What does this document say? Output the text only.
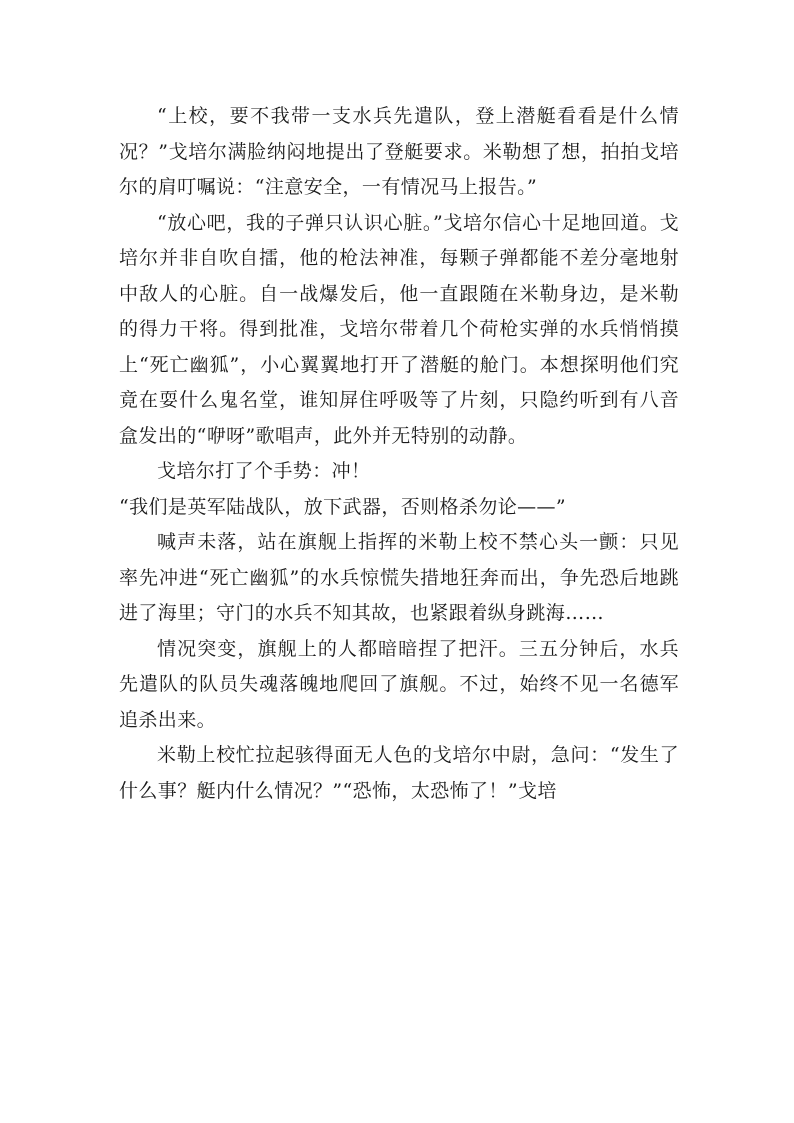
“上校，要不我带一支水兵先遣队，登上潜艇看看是什么情况？”戈培尔满脸纳闷地提出了登艇要求。米勒想了想，拍拍戈培尔的肩叮嘱说：“注意安全，一有情况马上报告。”

“放心吧，我的子弹只认识心脏。”戈培尔信心十足地回道。戈培尔并非自吹自擂，他的枪法神准，每颗子弹都能不差分毫地射中敌人的心脏。自一战爆发后，他一直跟随在米勒身边，是米勒的得力干将。得到批准，戈培尔带着几个荷枪实弹的水兵悄悄摸上“死亡幽狐”，小心翼翼地打开了潜艇的舱门。本想探明他们究竟在耍什么鬼名堂，谁知屏住呼吸等了片刻，只隐约听到有八音盒发出的“咿呀”歌唱声，此外并无特别的动静。

戈培尔打了个手势：冲！

“我们是英军陆战队，放下武器，否则格杀勿论——”

喊声未落，站在旗舰上指挥的米勒上校不禁心头一颤：只见率先冲进“死亡幽狐”的水兵惊慌失措地狂奔而出，争先恐后地跳进了海里；守门的水兵不知其故，也紧跟着纵身跳海……

情况突变，旗舰上的人都暗暗捏了把汗。三五分钟后，水兵先遣队的队员失魂落魄地爬回了旗舰。不过，始终不见一名德军追杀出来。

米勒上校忙拉起骇得面无人色的戈培尔中尉，急问：“发生了什么事？艇内什么情况？”“恐怖，太恐怖了！”戈培
